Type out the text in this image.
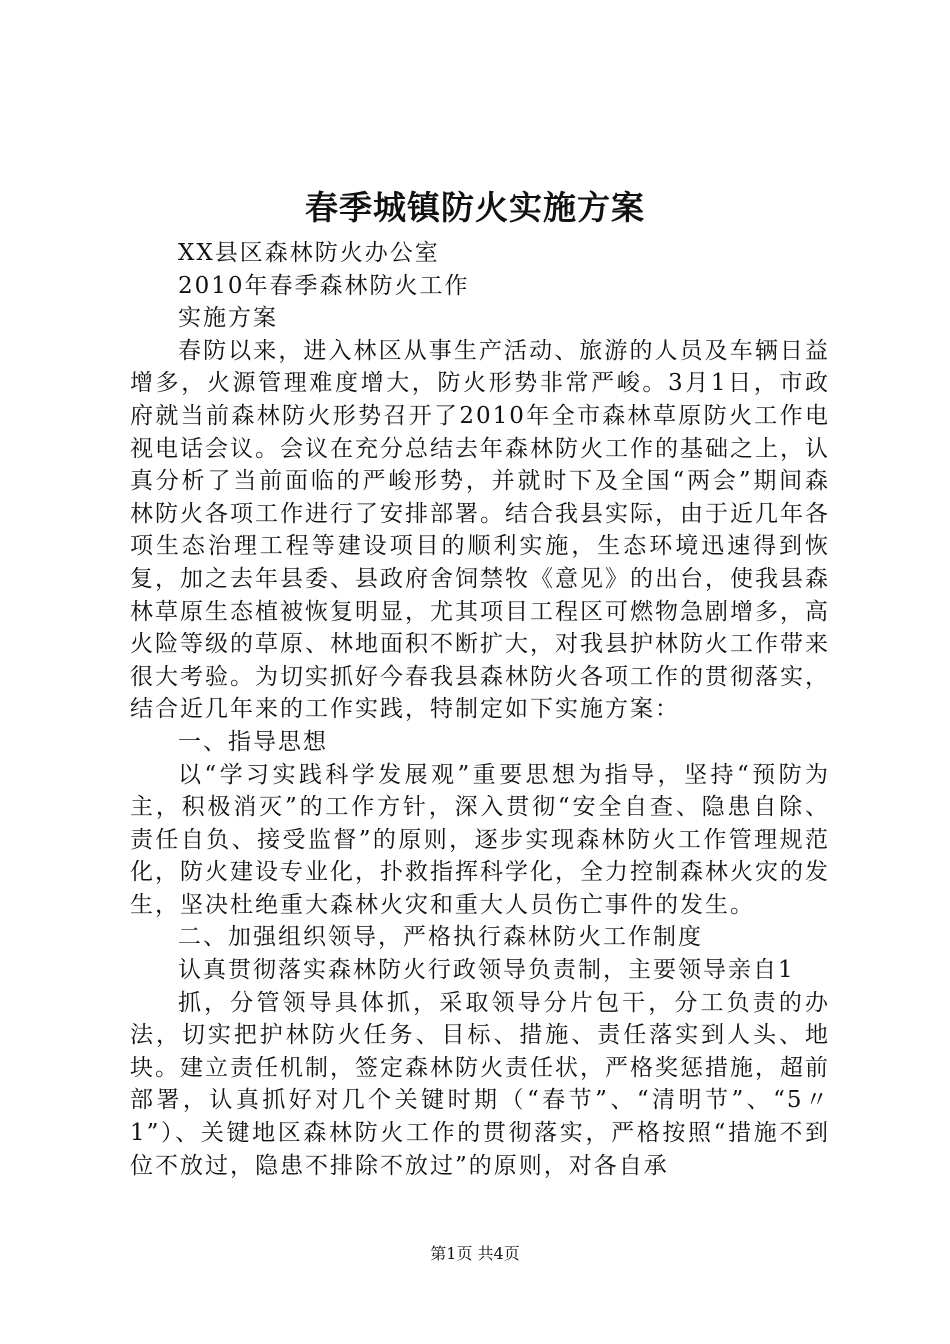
春季城镇防火实施方案

XX县区森林防火办公室

2010年春季森林防火工作

实施方案

春防以来，进入林区从事生产活动、旅游的人员及车辆日益增多，火源管理难度增大，防火形势非常严峻。3月1日，市政府就当前森林防火形势召开了2010年全市森林草原防火工作电视电话会议。会议在充分总结去年森林防火工作的基础之上，认真分析了当前面临的严峻形势，并就时下及全国“两会”期间森林防火各项工作进行了安排部署。结合我县实际，由于近几年各项生态治理工程等建设项目的顺利实施，生态环境迅速得到恢复，加之去年县委、县政府舍饲禁牧《意见》的出台，使我县森林草原生态植被恢复明显，尤其项目工程区可燃物急剧增多，高火险等级的草原、林地面积不断扩大，对我县护林防火工作带来很大考验。为切实抓好今春我县森林防火各项工作的贯彻落实，结合近几年来的工作实践，特制定如下实施方案：

一、指导思想

以“学习实践科学发展观”重要思想为指导，坚持“预防为主，积极消灭”的工作方针，深入贯彻“安全自查、隐患自除、责任自负、接受监督”的原则，逐步实现森林防火工作管理规范化，防火建设专业化，扑救指挥科学化，全力控制森林火灾的发生，坚决杜绝重大森林火灾和重大人员伤亡事件的发生。

二、加强组织领导，严格执行森林防火工作制度

认真贯彻落实森林防火行政领导负责制，主要领导亲自1

抓，分管领导具体抓，采取领导分片包干，分工负责的办法，切实把护林防火任务、目标、措施、责任落实到人头、地块。建立责任机制，签定森林防火责任状，严格奖惩措施，超前部署，认真抓好对几个关键时期（“春节”、“清明节”、“5〃1”）、关键地区森林防火工作的贯彻落实，严格按照“措施不到位不放过，隐患不排除不放过”的原则，对各自承

第1页 共4页
